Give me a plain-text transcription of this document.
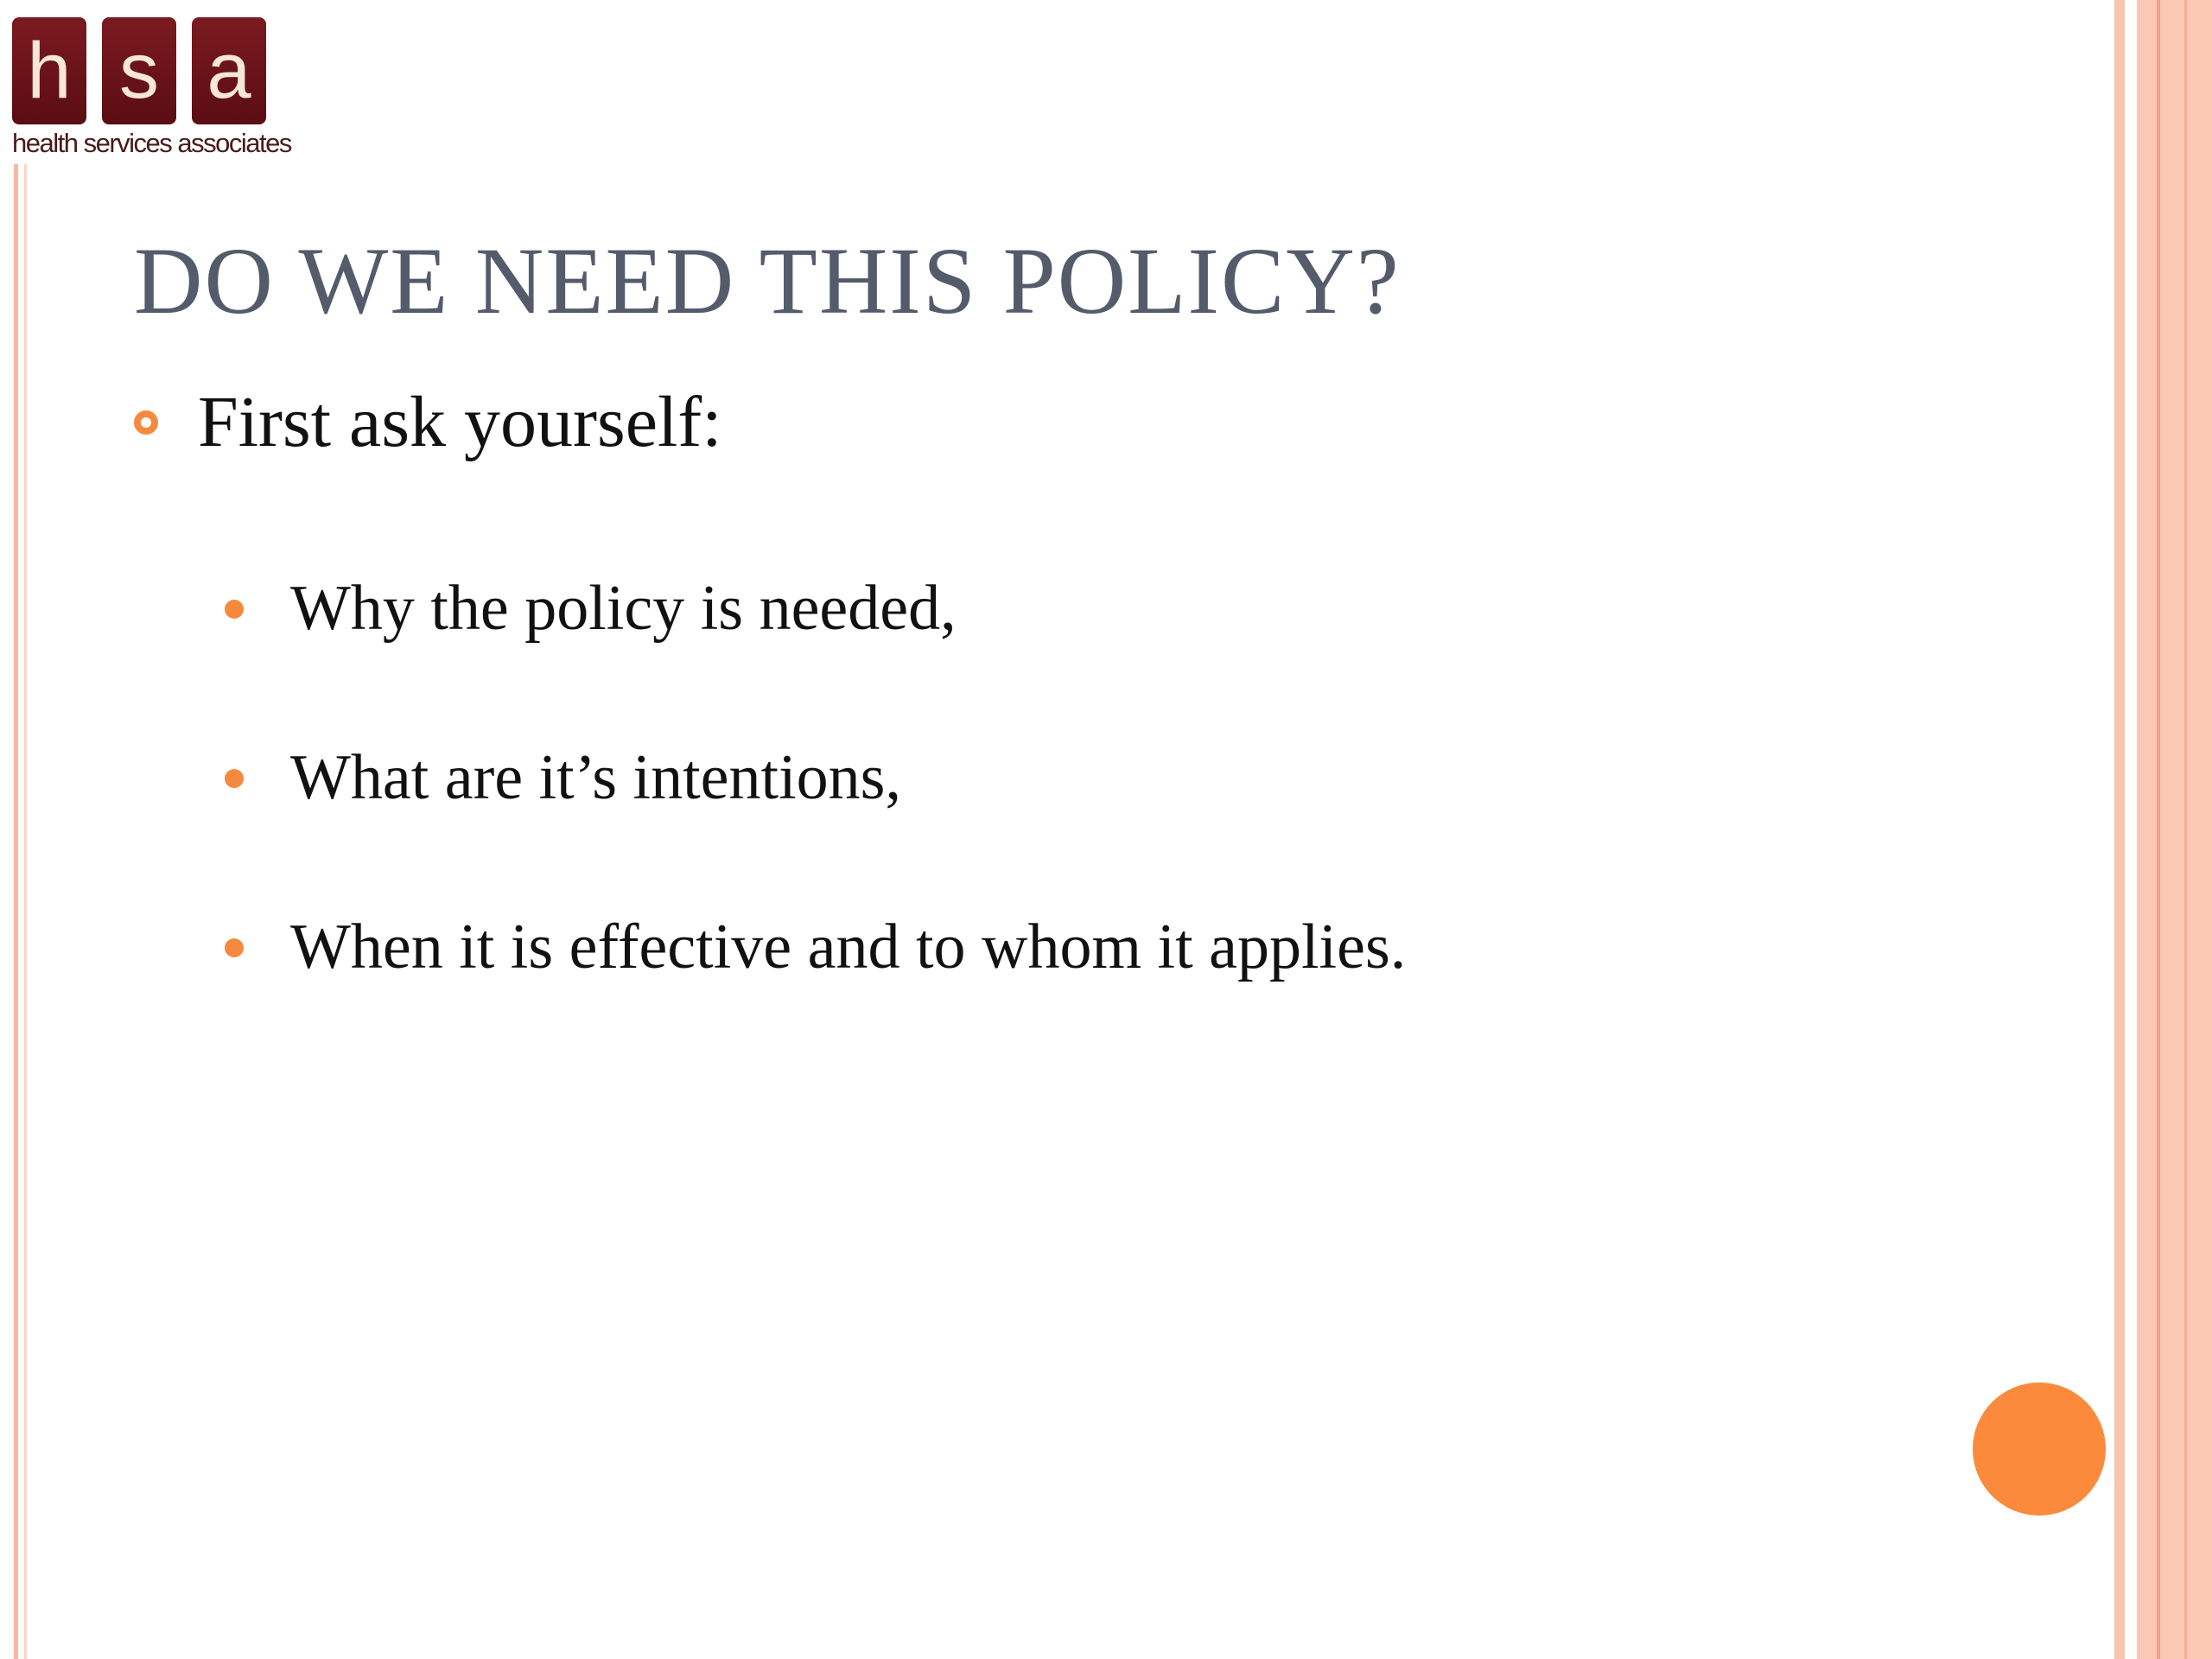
h s a
health services associates
DO WE NEED THIS POLICY?
First ask yourself:
Why the policy is needed,
What are it’s intentions,
When it is effective and to whom it applies.
